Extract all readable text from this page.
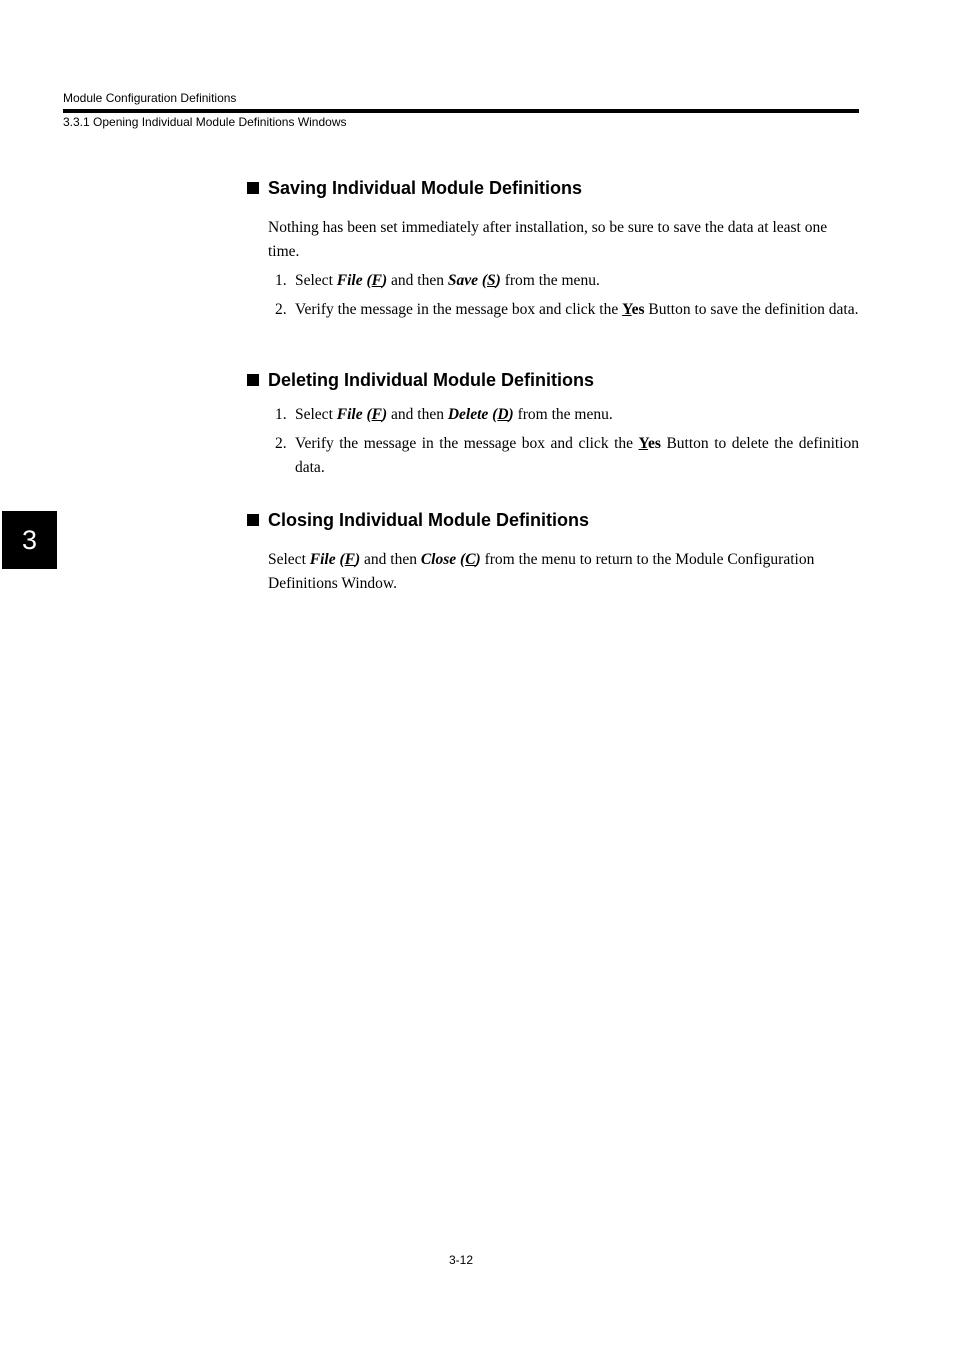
Module Configuration Definitions
3.3.1 Opening Individual Module Definitions Windows
3
Saving Individual Module Definitions

Nothing has been set immediately after installation, so be sure to save the data at least one time.

1. Select File (F) and then Save (S) from the menu.
2. Verify the message in the message box and click the Yes Button to save the definition data.
Deleting Individual Module Definitions
1. Select File (F) and then Delete (D) from the menu.
2. Verify the message in the message box and click the Yes Button to delete the definition data.
Closing Individual Module Definitions

Select File (F) and then Close (C) from the menu to return to the Module Configuration Definitions Window.

3-12
